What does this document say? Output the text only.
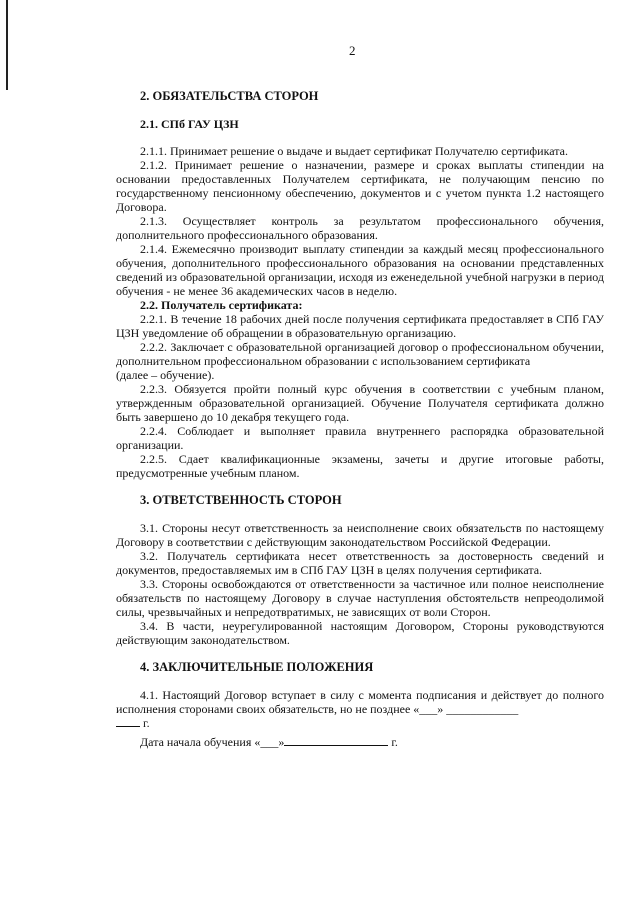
2

2. ОБЯЗАТЕЛЬСТВА СТОРОН

2.1. СПб ГАУ ЦЗН

2.1.1. Принимает решение о выдаче и выдает сертификат Получателю сертификата.

2.1.2. Принимает решение о назначении, размере и сроках выплаты стипендии на основании предоставленных Получателем сертификата, не получающим пенсию по государственному пенсионному обеспечению, документов и с учетом пункта 1.2 настоящего Договора.

2.1.3. Осуществляет контроль за результатом профессионального обучения, дополнительного профессионального образования.

2.1.4. Ежемесячно производит выплату стипендии за каждый месяц профессионального обучения, дополнительного профессионального образования на основании представленных сведений из образовательной организации, исходя из еженедельной учебной нагрузки в период обучения - не менее 36 академических часов в неделю.

2.2. Получатель сертификата:

2.2.1. В течение 18 рабочих дней после получения сертификата предоставляет в СПб ГАУ ЦЗН уведомление об обращении в образовательную организацию.

2.2.2. Заключает с образовательной организацией договор о профессиональном обучении, дополнительном профессиональном образовании с использованием сертификата

(далее – обучение).

2.2.3. Обязуется пройти полный курс обучения в соответствии с учебным планом, утвержденным образовательной организацией. Обучение Получателя сертификата должно быть завершено до 10 декабря текущего года.

2.2.4. Соблюдает и выполняет правила внутреннего распорядка образовательной организации.

2.2.5. Сдает квалификационные экзамены, зачеты и другие итоговые работы, предусмотренные учебным планом.

3. ОТВЕТСТВЕННОСТЬ СТОРОН

3.1. Стороны несут ответственность за неисполнение своих обязательств по настоящему Договору в соответствии с действующим законодательством Российской Федерации.

3.2. Получатель сертификата несет ответственность за достоверность сведений и документов, предоставляемых им в СПб ГАУ ЦЗН в целях получения сертификата.

3.3. Стороны освобождаются от ответственности за частичное или полное неисполнение обязательств по настоящему Договору в случае наступления обстоятельств непреодолимой силы, чрезвычайных и непредотвратимых, не зависящих от воли Сторон.

3.4. В части, неурегулированной настоящим Договором, Стороны руководствуются действующим законодательством.

4. ЗАКЛЮЧИТЕЛЬНЫЕ ПОЛОЖЕНИЯ

4.1. Настоящий Договор вступает в силу с момента подписания и действует до полного исполнения сторонами своих обязательств, но не позднее «___» ____________
г.

Дата начала обучения «___»	г.
